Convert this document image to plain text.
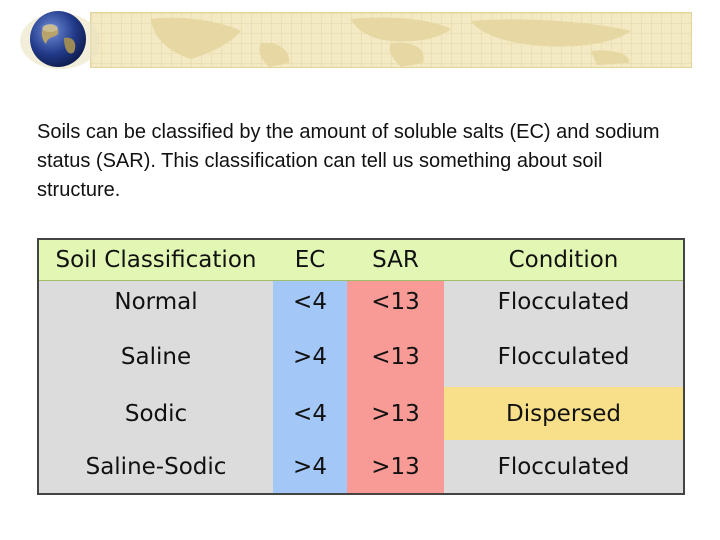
Soils can be classified by the amount of soluble salts (EC) and sodium status (SAR). This classification can tell us something about soil structure.

Soil Classification	EC	SAR	Condition
Normal	<4	<13	Flocculated
Saline	>4	<13	Flocculated
Sodic	<4	>13	Dispersed
Saline-Sodic	>4	>13	Flocculated
